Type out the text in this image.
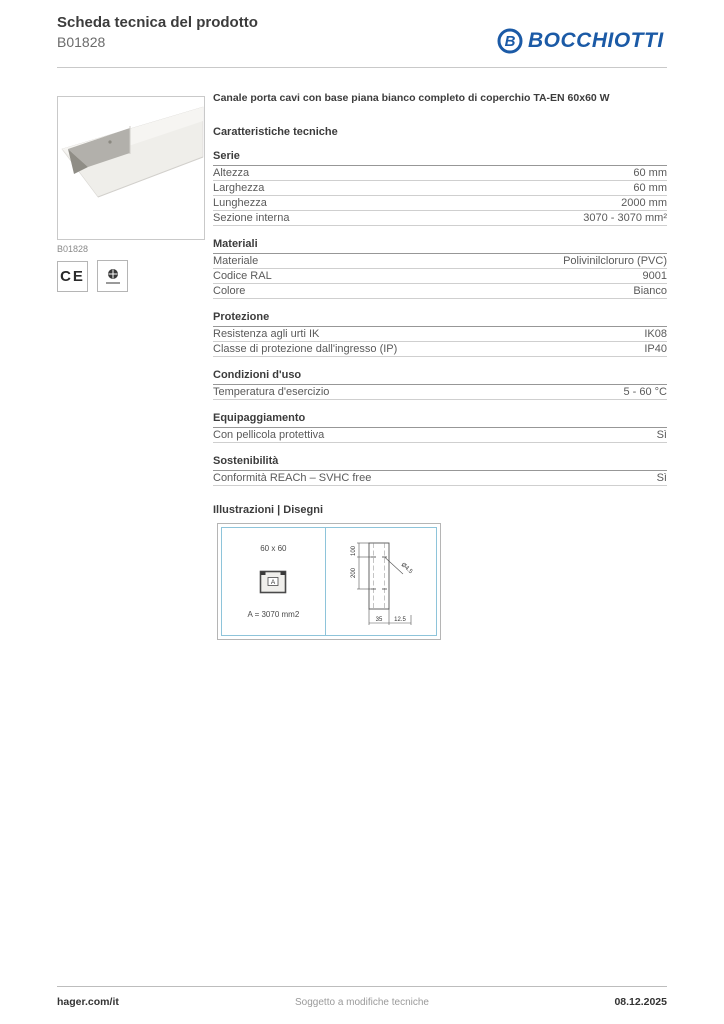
Scheda tecnica del prodotto
B01828	B BOCCHIOTTI
B01828
CE
Canale porta cavi con base piana bianco completo di coperchio TA-EN 60x60 W
Caratteristiche tecniche
Serie
Altezza	60 mm
Larghezza	60 mm
Lunghezza	2000 mm
Sezione interna	3070 - 3070 mm²
Materiali
Materiale	Polivinilcloruro (PVC)
Codice RAL	9001
Colore	Bianco
Protezione
Resistenza agli urti IK	IK08
Classe di protezione dall'ingresso (IP)	IP40
Condizioni d'uso
Temperatura d'esercizio	5 - 60 °C
Equipaggiamento
Con pellicola protettiva	Sì
Sostenibilità
Conformità REACh – SVHC free	Sì
Illustrazioni | Disegni
60 x 60
A
A = 3070 mm2
100
200	Ø4.5
35 12.5
hager.com/it	Soggetto a modifiche tecniche	08.12.2025
